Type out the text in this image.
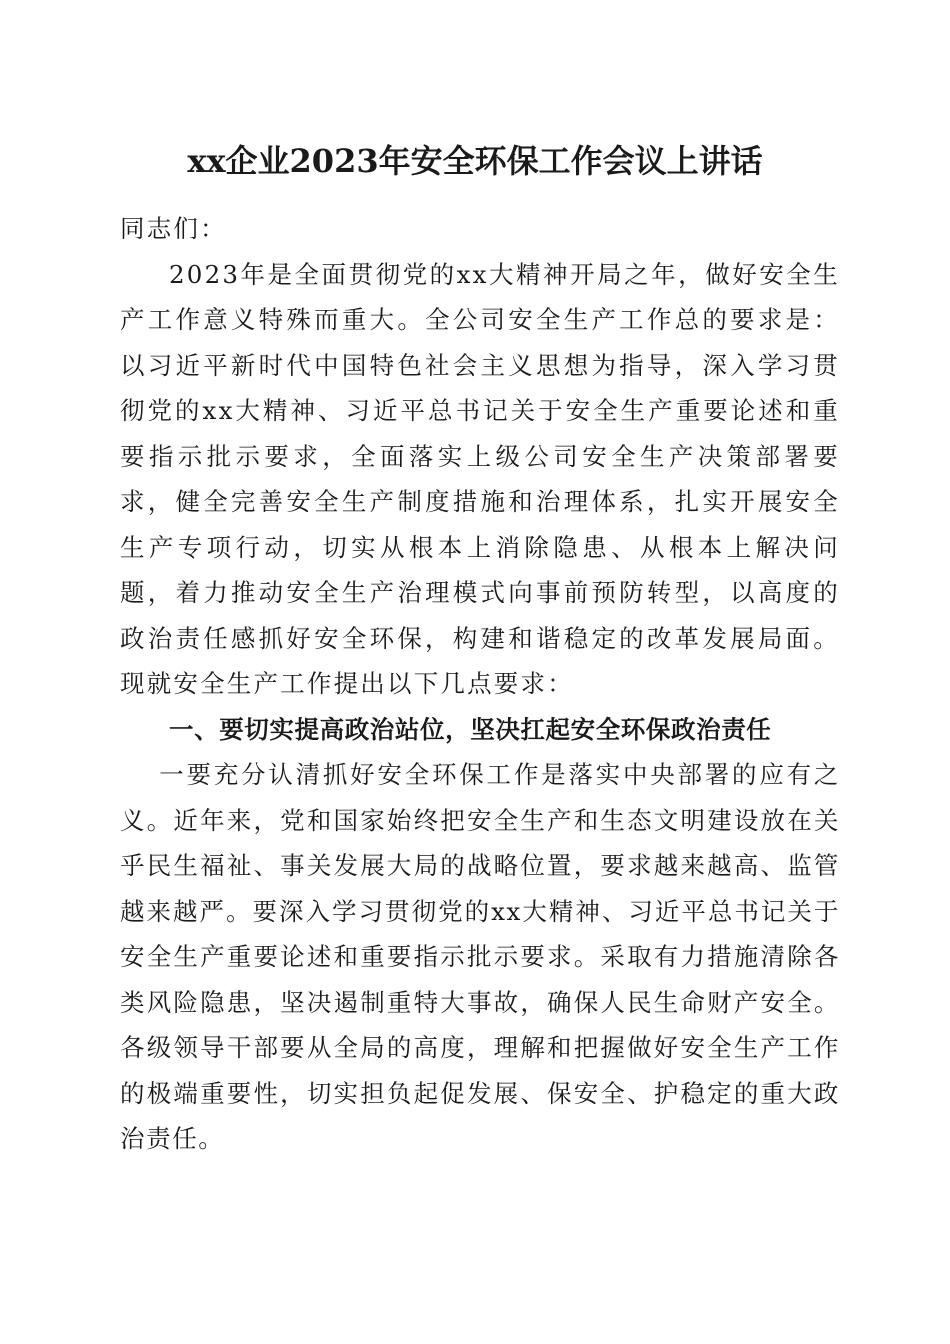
xx企业2023年安全环保工作会议上讲话

同志们：

2023年是全面贯彻党的xx大精神开局之年，做好安全生产工作意义特殊而重大。全公司安全生产工作总的要求是：以习近平新时代中国特色社会主义思想为指导，深入学习贯彻党的xx大精神、习近平总书记关于安全生产重要论述和重要指示批示要求，全面落实上级公司安全生产决策部署要求，健全完善安全生产制度措施和治理体系，扎实开展安全生产专项行动，切实从根本上消除隐患、从根本上解决问题，着力推动安全生产治理模式向事前预防转型，以高度的政治责任感抓好安全环保，构建和谐稳定的改革发展局面。现就安全生产工作提出以下几点要求：

一、要切实提高政治站位，坚决扛起安全环保政治责任

一要充分认清抓好安全环保工作是落实中央部署的应有之义。近年来，党和国家始终把安全生产和生态文明建设放在关乎民生福祉、事关发展大局的战略位置，要求越来越高、监管越来越严。要深入学习贯彻党的xx大精神、习近平总书记关于安全生产重要论述和重要指示批示要求。采取有力措施清除各类风险隐患，坚决遏制重特大事故，确保人民生命财产安全。各级领导干部要从全局的高度，理解和把握做好安全生产工作的极端重要性，切实担负起促发展、保安全、护稳定的重大政治责任。
